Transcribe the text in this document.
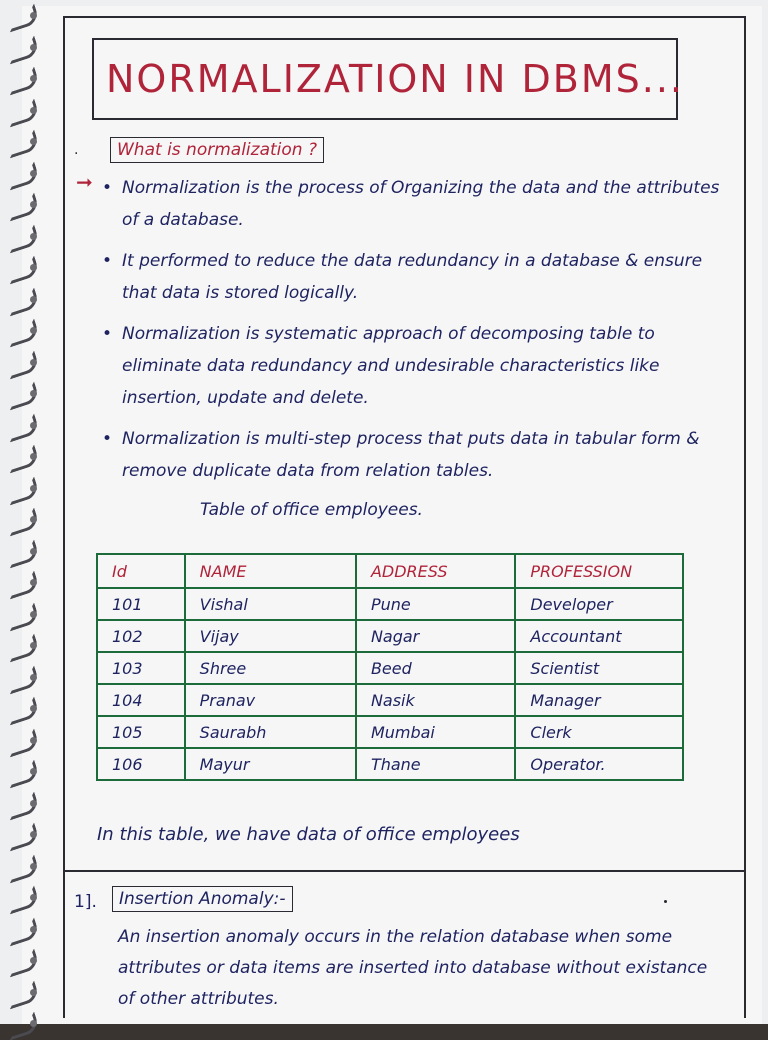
NORMALIZATION IN DBMS...
·	What is normalization ?
➞ • Normalization is the process of Organizing the data and the attributes of a database.
• It performed to reduce the data redundancy in a database & ensure that data is stored logically.
• Normalization is systematic approach of decomposing table to eliminate data redundancy and undesirable characteristics like insertion, update and delete.
• Normalization is multi-step process that puts data in tabular form & remove duplicate data from relation tables.
Table of office employees.
Id	NAME	ADDRESS	PROFESSION
101	Vishal	Pune	Developer
102	Vijay	Nagar	Accountant
103	Shree	Beed	Scientist
104	Pranav	Nasik	Manager
105	Saurabh	Mumbai	Clerk
106	Mayur	Thane	Operator.
In this table, we have data of office employees
1].	Insertion Anomaly:-
An insertion anomaly occurs in the relation database when some attributes or data items are inserted into database without existance of other attributes.
